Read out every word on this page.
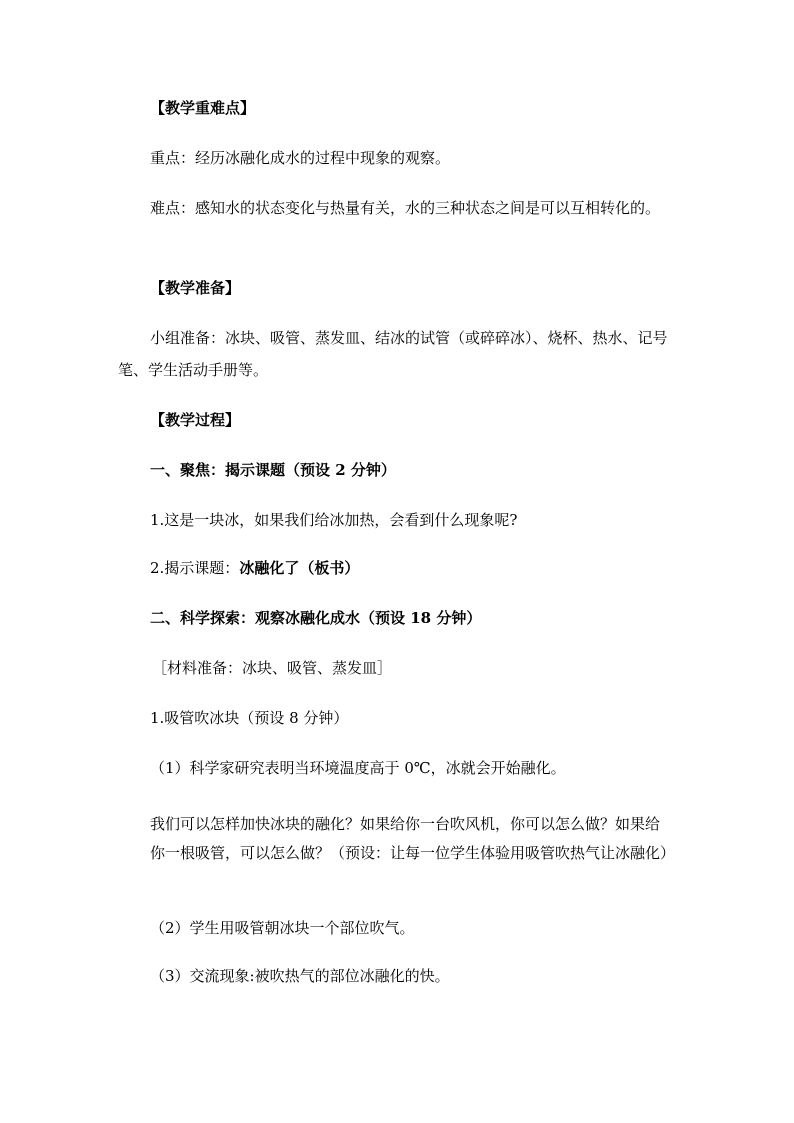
【教学重难点】
重点：经历冰融化成水的过程中现象的观察。
难点：感知水的状态变化与热量有关，水的三种状态之间是可以互相转化的。
【教学准备】
小组准备：冰块、吸管、蒸发皿、结冰的试管（或碎碎冰）、烧杯、热水、记号笔、学生活动手册等。
【教学过程】
一、聚焦：揭示课题（预设 2 分钟）
1.这是一块冰，如果我们给冰加热，会看到什么现象呢?
2.揭示课题：冰融化了（板书）
二、科学探索：观察冰融化成水（预设 18 分钟）
［材料准备：冰块、吸管、蒸发皿］
1.吸管吹冰块（预设 8 分钟）
（1）科学家研究表明当环境温度高于 0℃，冰就会开始融化。
我们可以怎样加快冰块的融化？如果给你一台吹风机，你可以怎么做？如果给你一根吸管，可以怎么做？（预设：让每一位学生体验用吸管吹热气让冰融化）
（2）学生用吸管朝冰块一个部位吹气。
（3）交流现象:被吹热气的部位冰融化的快。
